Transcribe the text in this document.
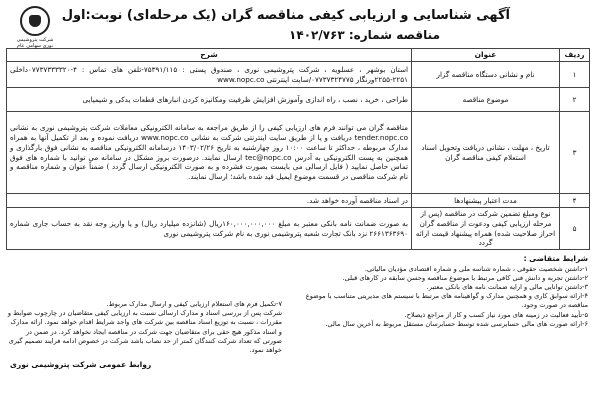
شرکت پتروشیمی نوری سهامی عام
آگهی شناسایی و ارزیابی کیفی مناقصه گران (یک مرحله‌ای) نوبت:اول
مناقصه شماره: ۱۴۰۲/۷۶۳
ردیف	عنوان	شرح
۱	نام و نشانی دستگاه مناقصه گزار	استان بوشهر ، عسلویه ، شرکت پتروشیمی نوری ، صندوق پستی : ۷۵۳۹۱/۱۱۵-تلفن های تماس : ۴-۰۷۷۳۷۳۳۳۳۲۰داخلی ۲۲۵۱-۲۲۵۵ورنگار ۰۷۷۳۷۳۲۴۷۷۵/سایت اینترنتی www.nopc.co
۲	موضوع مناقصه	طراحی ، خرید ، نصب ، راه اندازی وآموزش افزایش ظرفیت ومکانیزه کردن انبارهای قطعات یدکی و شیمیایی
۳	تاریخ ، مهلت ، نشانی دریافت وتحویل اسناد استعلام کیفی مناقصه گران	مناقصه گران می توانند فرم های ارزیابی کیفی را از طریق مراجعه به سامانه الکترونیکی معاملات شرکت پتروشیمی نوری به نشانی tender.nopc.co دریافت و یا از طریق سایت اینترنتی شرکت به نشانی www.nopc.co دریافت نموده و بعد از تکمیل آنها به همراه مدارک مربوطه ، حداکثر تا ساعت ۱۰:۰۰ روز چهارشنبه به تاریخ ۱۴۰۳/۰۲/۲۶ درسامانه الکترونیکی مناقصه به نشانی فوق بارگذاری و همچنین به پست الکترونیکی به آدرس tec@nopc.co ارسال نمایند. درصورت بروز مشکل در سامانه می توانید با شماره های فوق تماس حاصل نمایید ( فایل ارسالی می بایست بصورت فشرده و به صورت الکترونیکی ارسال گردد ) ضمناً عنوان و شماره مناقصه و نام شرکت مناقصی در قسمت موضوع ایمیل قید شده باشد؛ ارسال نمایند.
۴	مدت اعتبار پیشنهادها	در اسناد مناقصه آورده خواهد شد.
۵	نوع ومبلغ تضمین شرکت در مناقصه (پس از مرحله ارزیابی کیفی ودعوت از مناقصه گران احراز صلاحیت شده) همراه پیشنهاد قیمت ارائه گردد	به صورت ضمانت نامه بانکی معتبر به مبلغ ۱۶۰,۰۰۰,۰۰۰,۰۰۰ریال (شانزده میلیارد ریال) و یا واریز وجه نقد به حساب جاری شماره ۲۶۶۱۳۶۳۶۹۰ نزد بانک تجارت شعبه پتروشیمی نوری به نام شرکت پتروشیمی نوری
شرایط متقاضی :
۱-داشتن شخصیت حقوقی ، شماره شناسه ملی و شماره اقتصادی مؤدیان مالیاتی.
۲-داشتن تجربه و دانش فنی کافی مرتبط با موضوع مناقصه وحسن سابقه در کارهای قبلی.
۳-داشتن توانایی مالی و ارایه ضمانت نامه های بانکی معتبر.
۴-ارائه سوابق کاری و همچنین مدارک و گواهینامه های مرتبط با سیستم های مدیریتی متناسب با موضوع مناقصه در صورت وجود.
۵-تأیید فعالیت در زمینه های مورد نیاز کسب و کار از مراجع ذیصلاح.
۶-ارائه صورت های مالی حسابرسی شده توسط حسابرسان مستقل مربوط به آخرین سال مالی.
۷-تکمیل فرم های استعلام ارزیابی کیفی و ارسال مدارک مربوط.
شرکت پس از بررسی اسناد و مدارک ارسالی نسبت به ارزیابی کیفی متقاضیان در چارچوب ضوابط و مقررات ، نسبت به توزیع اسناد مناقصه بین شرکت های واجد شرایط اقدام خواهد نمود. ارائه مدارک و اسناد مذکور هیچ حقی برای متقاضیان جهت شرکت در مناقصه ایجاد نخواهد کرد. در ضمن در صورتی که تعداد شرکت کنندگان کمتر از حد نصاب باشد شرکت در خصوص ادامه فرایند تصمیم گیری خواهد نمود.
روابط عمومی شرکت پتروشیمی نوری
